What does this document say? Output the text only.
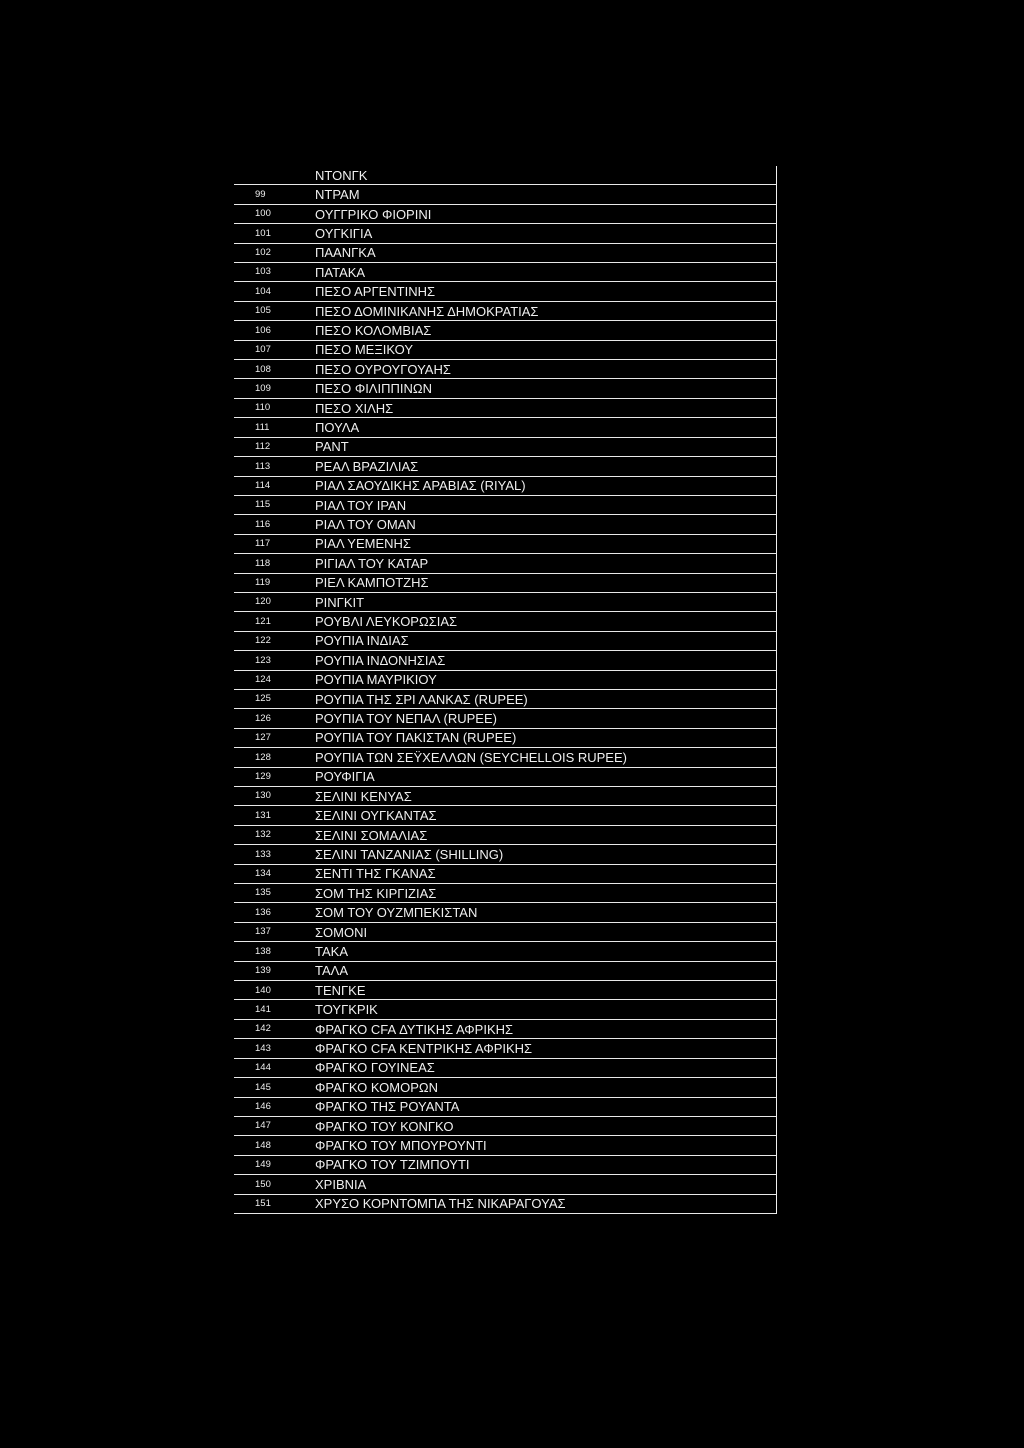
ΝΤΟΝΓΚ
99	ΝΤΡΑΜ
100	ΟΥΓΓΡΙΚΟ ΦΙΟΡΙΝΙ
101	ΟΥΓΚΙΓΙΑ
102	ΠΑΑΝΓΚΑ
103	ΠΑΤΑΚΑ
104	ΠΕΣΟ ΑΡΓΕΝΤΙΝΗΣ
105	ΠΕΣΟ ΔΟΜΙΝΙΚΑΝΗΣ ΔΗΜΟΚΡΑΤΙΑΣ
106	ΠΕΣΟ ΚΟΛΟΜΒΙΑΣ
107	ΠΕΣΟ ΜΕΞΙΚΟΥ
108	ΠΕΣΟ ΟΥΡΟΥΓΟΥΑΗΣ
109	ΠΕΣΟ ΦΙΛΙΠΠΙΝΩΝ
110	ΠΕΣΟ ΧΙΛΗΣ
111	ΠΟΥΛΑ
112	ΡΑΝΤ
113	ΡΕΑΛ ΒΡΑΖΙΛΙΑΣ
114	ΡΙΑΛ ΣΑΟΥΔΙΚΗΣ ΑΡΑΒΙΑΣ (RIYAL)
115	ΡΙΑΛ ΤΟΥ ΙΡΑΝ
116	ΡΙΑΛ ΤΟΥ ΟΜΑΝ
117	ΡΙΑΛ ΥΕΜΕΝΗΣ
118	ΡΙΓΙΑΛ ΤΟΥ ΚΑΤΑΡ
119	ΡΙΕΛ ΚΑΜΠΟΤΖΗΣ
120	ΡΙΝΓΚΙΤ
121	ΡΟΥΒΛΙ ΛΕΥΚΟΡΩΣΙΑΣ
122	ΡΟΥΠΙΑ ΙΝΔΙΑΣ
123	ΡΟΥΠΙΑ ΙΝΔΟΝΗΣΙΑΣ
124	ΡΟΥΠΙΑ ΜΑΥΡΙΚΙΟΥ
125	ΡΟΥΠΙΑ ΤΗΣ ΣΡΙ ΛΑΝΚΑΣ (RUPEE)
126	ΡΟΥΠΙΑ ΤΟΥ ΝΕΠΑΛ (RUPEE)
127	ΡΟΥΠΙΑ ΤΟΥ ΠΑΚΙΣΤΑΝ (RUPEE)
128	ΡΟΥΠΙΑ ΤΩΝ ΣΕΫΧΕΛΛΩΝ (SEYCHELLOIS RUPEE)
129	ΡΟΥΦΙΓΙΑ
130	ΣΕΛΙΝΙ ΚΕΝΥΑΣ
131	ΣΕΛΙΝΙ ΟΥΓΚΑΝΤΑΣ
132	ΣΕΛΙΝΙ ΣΟΜΑΛΙΑΣ
133	ΣΕΛΙΝΙ ΤΑΝΖΑΝΙΑΣ (SHILLING)
134	ΣΕΝΤΙ ΤΗΣ ΓΚΑΝΑΣ
135	ΣΟΜ ΤΗΣ ΚΙΡΓΙΖΙΑΣ
136	ΣΟΜ ΤΟΥ ΟΥΖΜΠΕΚΙΣΤΑΝ
137	ΣΟΜΟΝΙ
138	ΤΑΚΑ
139	ΤΑΛΑ
140	ΤΕΝΓΚΕ
141	ΤΟΥΓΚΡΙΚ
142	ΦΡΑΓΚΟ CFA ΔΥΤΙΚΗΣ ΑΦΡΙΚΗΣ
143	ΦΡΑΓΚΟ CFA ΚΕΝΤΡΙΚΗΣ ΑΦΡΙΚΗΣ
144	ΦΡΑΓΚΟ ΓΟΥΙΝΕΑΣ
145	ΦΡΑΓΚΟ ΚΟΜΟΡΩΝ
146	ΦΡΑΓΚΟ ΤΗΣ ΡΟΥΑΝΤΑ
147	ΦΡΑΓΚΟ ΤΟΥ ΚΟΝΓΚΟ
148	ΦΡΑΓΚΟ ΤΟΥ ΜΠΟΥΡΟΥΝΤΙ
149	ΦΡΑΓΚΟ ΤΟΥ ΤΖΙΜΠΟΥΤΙ
150	ΧΡΙΒΝΙΑ
151	ΧΡΥΣΟ ΚΟΡΝΤΟΜΠΑ ΤΗΣ ΝΙΚΑΡΑΓΟΥΑΣ
